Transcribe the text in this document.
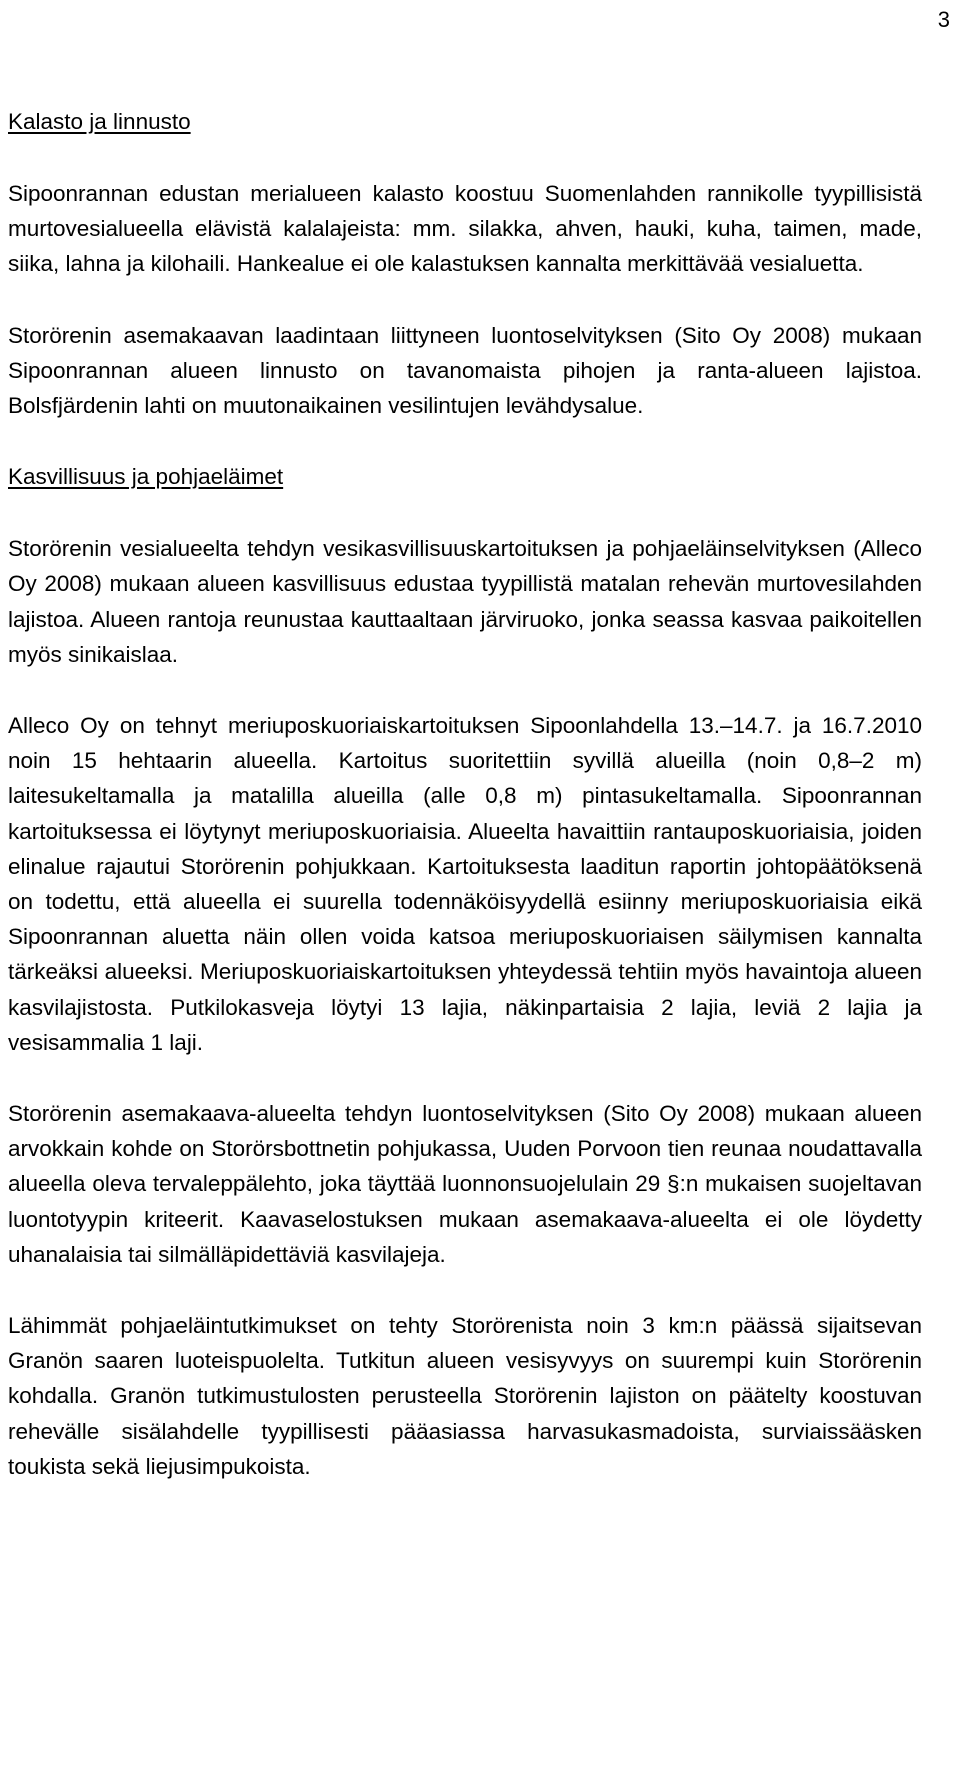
3
Kalasto ja linnusto

Sipoonrannan edustan merialueen kalasto koostuu Suomenlahden rannikolle tyypillisistä murtovesialueella elävistä kalalajeista: mm. silakka, ahven, hauki, kuha, taimen, made, siika, lahna ja kilohaili. Hankealue ei ole kalastuksen kannalta merkittävää vesialuetta.

Storörenin asemakaavan laadintaan liittyneen luontoselvityksen (Sito Oy 2008) mukaan Sipoonrannan alueen linnusto on tavanomaista pihojen ja ranta-alueen lajistoa. Bolsfjärdenin lahti on muutonaikainen vesilintujen levähdysalue.

Kasvillisuus ja pohjaeläimet

Storörenin vesialueelta tehdyn vesikasvillisuuskartoituksen ja pohjaeläinselvityksen (Alleco Oy 2008) mukaan alueen kasvillisuus edustaa tyypillistä matalan rehevän murtovesilahden lajistoa. Alueen rantoja reunustaa kauttaaltaan järviruoko, jonka seassa kasvaa paikoitellen myös sinikaislaa.

Alleco Oy on tehnyt meriuposkuoriaiskartoituksen Sipoonlahdella 13.–14.7. ja 16.7.2010 noin 15 hehtaarin alueella. Kartoitus suoritettiin syvillä alueilla (noin 0,8–2 m) laitesukeltamalla ja matalilla alueilla (alle 0,8 m) pintasukeltamalla. Sipoonrannan kartoituksessa ei löytynyt meriuposkuoriaisia. Alueelta havaittiin rantauposkuoriaisia, joiden elinalue rajautui Storörenin pohjukkaan. Kartoituksesta laaditun raportin johtopäätöksenä on todettu, että alueella ei suurella todennäköisyydellä esiinny meriuposkuoriaisia eikä Sipoonrannan aluetta näin ollen voida katsoa meriuposkuoriaisen säilymisen kannalta tärkeäksi alueeksi. Meriuposkuoriaiskartoituksen yhteydessä tehtiin myös havaintoja alueen kasvilajistosta. Putkilokasveja löytyi 13 lajia, näkinpartaisia 2 lajia, leviä 2 lajia ja vesisammalia 1 laji.

Storörenin asemakaava-alueelta tehdyn luontoselvityksen (Sito Oy 2008) mukaan alueen arvokkain kohde on Storörsbottnetin pohjukassa, Uuden Porvoon tien reunaa noudattavalla alueella oleva tervaleppälehto, joka täyttää luonnonsuojelulain 29 §:n mukaisen suojeltavan luontotyypin kriteerit. Kaavaselostuksen mukaan asemakaava-alueelta ei ole löydetty uhanalaisia tai silmälläpidettäviä kasvilajeja.

Lähimmät pohjaeläintutkimukset on tehty Storörenista noin 3 km:n päässä sijaitsevan Granön saaren luoteispuolelta. Tutkitun alueen vesisyvyys on suurempi kuin Storörenin kohdalla. Granön tutkimustulosten perusteella Storörenin lajiston on päätelty koostuvan rehevälle sisälahdelle tyypillisesti pääasiassa harvasukasmadoista, surviaissääsken toukista sekä liejusimpukoista.
